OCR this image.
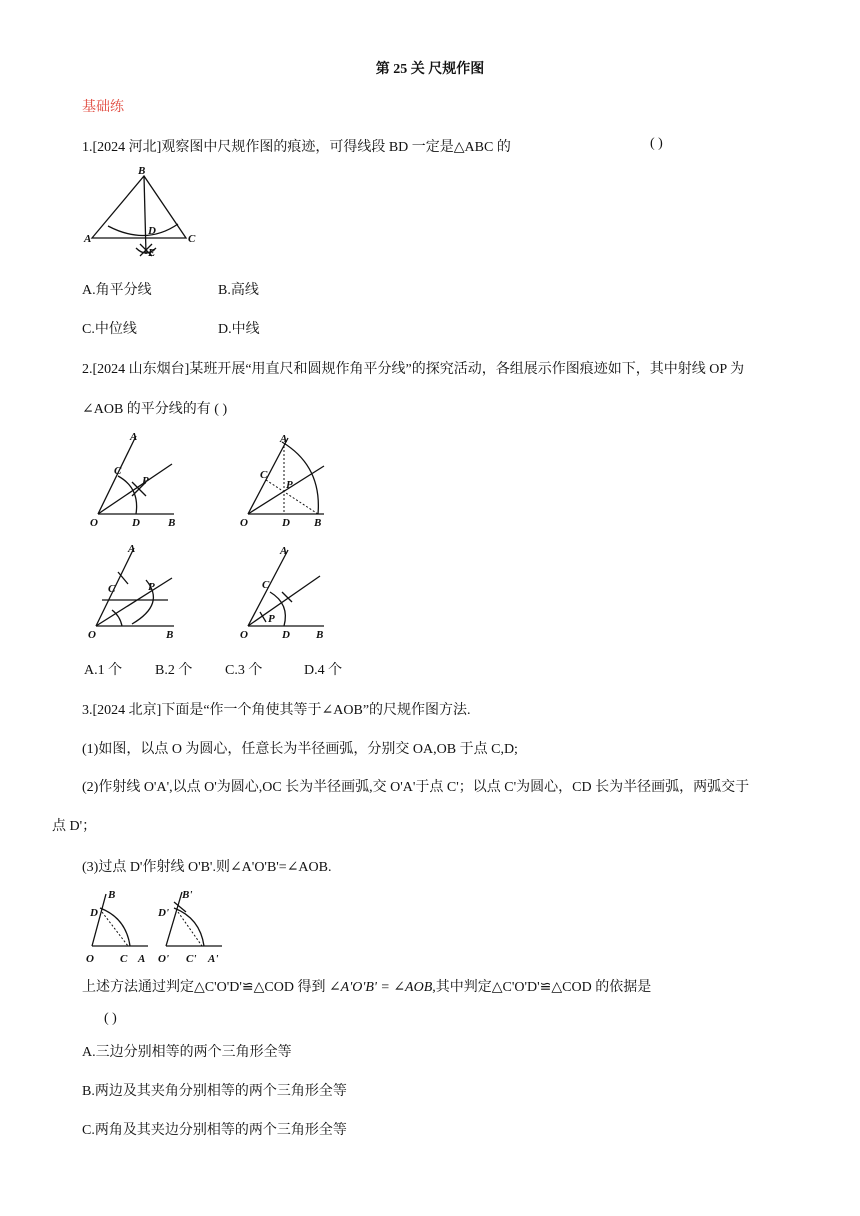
第 25 关 尺规作图
基础练
1.[2024 河北]观察图中尺规作图的痕迹，可得线段 BD 一定是△ABC 的	( )
B
A	C
D
E
A.角平分线	B.高线
C.中位线	D.中线
2.[2024 山东烟台]某班开展“用直尺和圆规作角平分线”的探究活动，各组展示作图痕迹如下，其中射线 OP 为
∠AOB 的平分线的有 ( )
A
C
P
O	D	B
A
C
P
O	D B
A
C	P
O	B
A
C
P
O	D B
A.1 个 B.2 个 C.3 个	D.4 个
3.[2024 北京]下面是“作一个角使其等于∠AOB”的尺规作图方法.
(1)如图，以点 O 为圆心，任意长为半径画弧，分别交 OA,OB 于点 C,D;
(2)作射线 O'A',以点 O'为圆心,OC 长为半径画弧,交 O'A'于点 C'；以点 C'为圆心，CD 长为半径画弧，两弧交于
点 D'；
(3)过点 D'作射线 O'B'.则∠A'O'B'=∠AOB.
B
D
O C A
B'
D'
O' C' A'
上述方法通过判定△C'O'D'≌△COD 得到 ∠A'O'B' = ∠AOB,其中判定△C'O'D'≌△COD 的依据是
( )
A.三边分别相等的两个三角形全等
B.两边及其夹角分别相等的两个三角形全等
C.两角及其夹边分别相等的两个三角形全等
